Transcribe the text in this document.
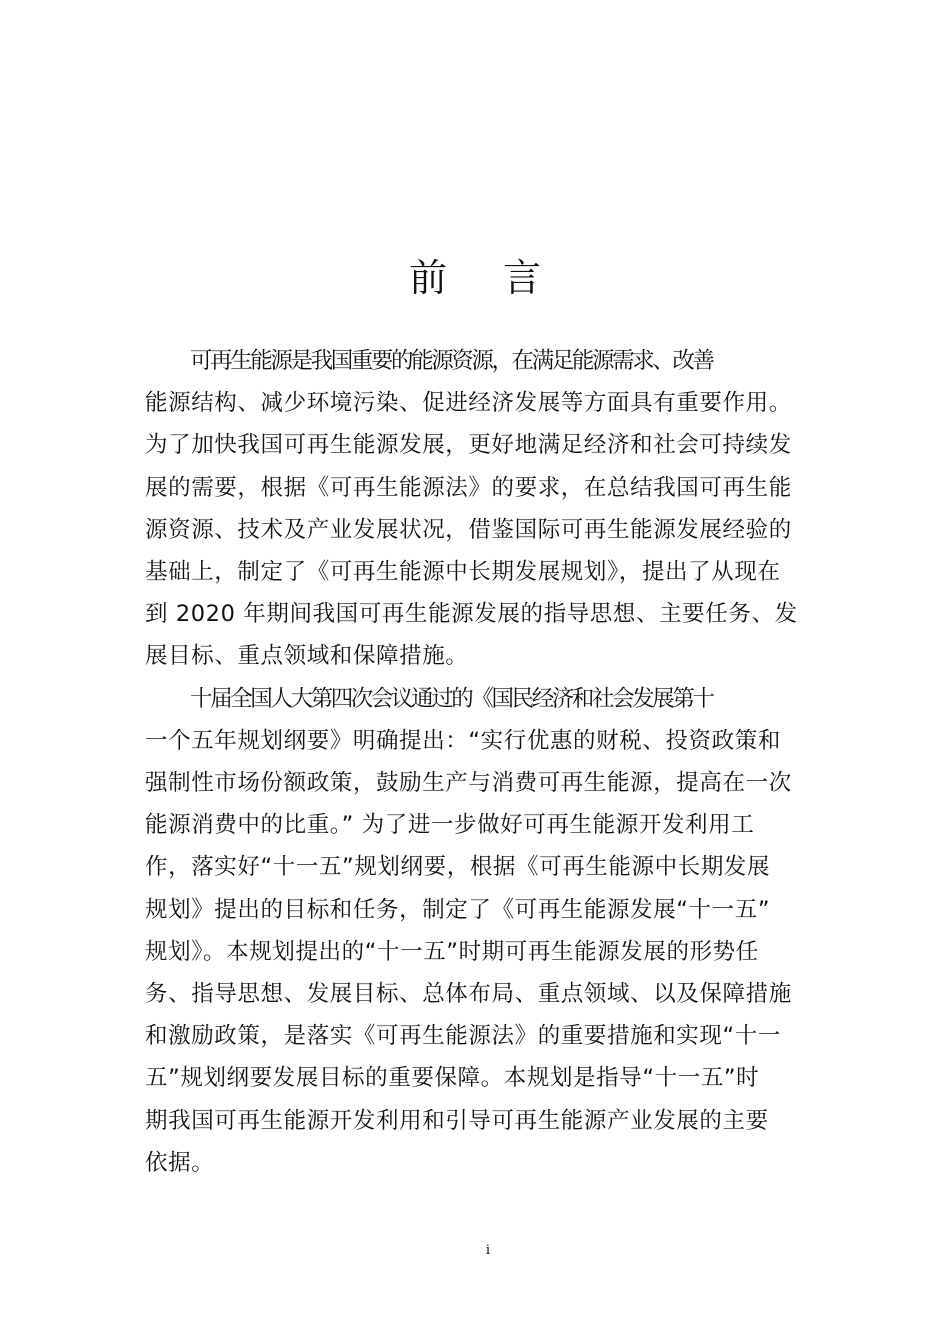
前 言

可再生能源是我国重要的能源资源，在满足能源需求、改善
能源结构、减少环境污染、促进经济发展等方面具有重要作用。
为了加快我国可再生能源发展，更好地满足经济和社会可持续发
展的需要，根据《可再生能源法》的要求，在总结我国可再生能
源资源、技术及产业发展状况，借鉴国际可再生能源发展经验的
基础上，制定了《可再生能源中长期发展规划》，提出了从现在
到 2020 年期间我国可再生能源发展的指导思想、主要任务、发
展目标、重点领域和保障措施。

十届全国人大第四次会议通过的《国民经济和社会发展第十
一个五年规划纲要》明确提出：“实行优惠的财税、投资政策和
强制性市场份额政策，鼓励生产与消费可再生能源，提高在一次
能源消费中的比重。” 为了进一步做好可再生能源开发利用工
作，落实好“十一五”规划纲要，根据《可再生能源中长期发展
规划》提出的目标和任务，制定了《可再生能源发展“十一五”
规划》。本规划提出的“十一五”时期可再生能源发展的形势任
务、指导思想、发展目标、总体布局、重点领域、以及保障措施
和激励政策，是落实《可再生能源法》的重要措施和实现“十一
五”规划纲要发展目标的重要保障。本规划是指导“十一五”时
期我国可再生能源开发利用和引导可再生能源产业发展的主要
依据。

i
